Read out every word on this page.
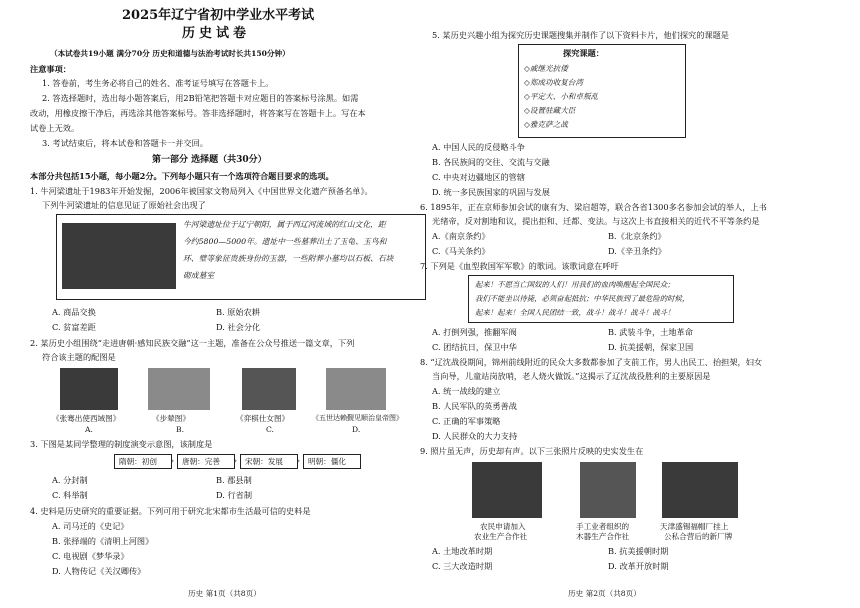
2025年辽宁省初中学业水平考试
历史试卷
（本试卷共19小题 满分70分 历史和道德与法治考试时长共150分钟）
注意事项：
1. 答卷前，考生务必将自己的姓名、准考证号填写在答题卡上。
2. 答选择题时，选出每小题答案后，用2B铅笔把答题卡对应题目的答案标号涂黑。如需
改动，用橡皮擦干净后，再选涂其他答案标号。答非选择题时，将答案写在答题卡上。写在本
试卷上无效。
3. 考试结束后，将本试卷和答题卡一并交回。
第一部分 选择题（共30分）
本部分共包括15小题，每小题2分。下列每小题只有一个选项符合题目要求的选项。
1. 牛河梁遗址于1983年开始发掘，2006年被国家文物局列入《中国世界文化遗产预备名单》。
下列牛河梁遗址的信息见证了原始社会出现了
牛河梁遗址位于辽宁朝阳，属于西辽河流域的红山文化，距
今约5800—5000年。遗址中一些墓葬出土了玉龟、玉鸟和
环、璧等象征贵族身份的玉器，一些附葬小墓均以石板、石块
砌成墓室
A. 商品交换	B. 原始农耕
C. 贫富差距	D. 社会分化
2. 某历史小组围绕“走进唐朝·感知民族交融”这一主题，准备在公众号推送一篇文章，下列
符合该主题的配图是
《张骞出使西域图》	《步辇图》	《弈棋仕女图》	《五世达赖觐见顺治皇帝图》
A.	B.	C.	D.
3. 下图是某同学整理的制度演变示意图，该制度是
隋朝：初创 › 唐朝：完善 › 宋朝：发展 › 明朝：僵化
A. 分封制	B. 郡县制
C. 科举制	D. 行省制
4. 史料是历史研究的重要证据。下列可用于研究北宋都市生活最可信的史料是
A. 司马迁的《史记》
B. 张择端的《清明上河图》
C. 电视剧《梦华录》
D. 人物传记《关汉卿传》
历史 第1页（共8页）
5. 某历史兴趣小组为探究历史课题搜集并制作了以下资料卡片，他们探究的课题是
探究课题：
◇戚继光抗倭
◇郑成功收复台湾
◇平定大、小和卓叛乱
◇设置驻藏大臣
◇雅克萨之战
A. 中国人民的反侵略斗争
B. 各民族间的交往、交流与交融
C. 中央对边疆地区的管辖
D. 统一多民族国家的巩固与发展
6. 1895年，正在京师参加会试的康有为、梁启超等，联合各省1300多名参加会试的举人，上书
光绪帝，反对割地和议，提出拒和、迁都、变法。与这次上书直接相关的近代不平等条约是
A.《南京条约》	B.《北京条约》
C.《马关条约》	D.《辛丑条约》
7. 下列是《血型救国军军歌》的歌词。该歌词意在呼吁
起来！不愿当亡国奴的人们！用我们的血肉唤醒起全国民众；
我们不能坐以待毙，必须奋起抵抗；中华民族到了最危险的时候，
起来！起来！全国人民团结一致，战斗！战斗！战斗！战斗！
A. 打倒列强，推翻军阀	B. 武装斗争，土地革命
C. 团结抗日，保卫中华	D. 抗美援朝，保家卫国
8. “辽沈战役期间，锦州前线附近的民众大多数都参加了支前工作，男人出民工、抬担架，妇女
当向导，儿童站岗放哨，老人烧火做饭。”这揭示了辽沈战役胜利的主要原因是
A. 统一战线的建立
B. 人民军队的英勇善战
C. 正确的军事策略
D. 人民群众的大力支持
9. 照片虽无声，历史却有声。以下三张照片反映的史实发生在
农民申请加入
农业生产合作社
手工业者组织的
木器生产合作社
天津盛锡福帽厂挂上
公私合营后的新厂牌
A. 土地改革时期	B. 抗美援朝时期
C. 三大改造时期	D. 改革开放时期
历史 第2页（共8页）
